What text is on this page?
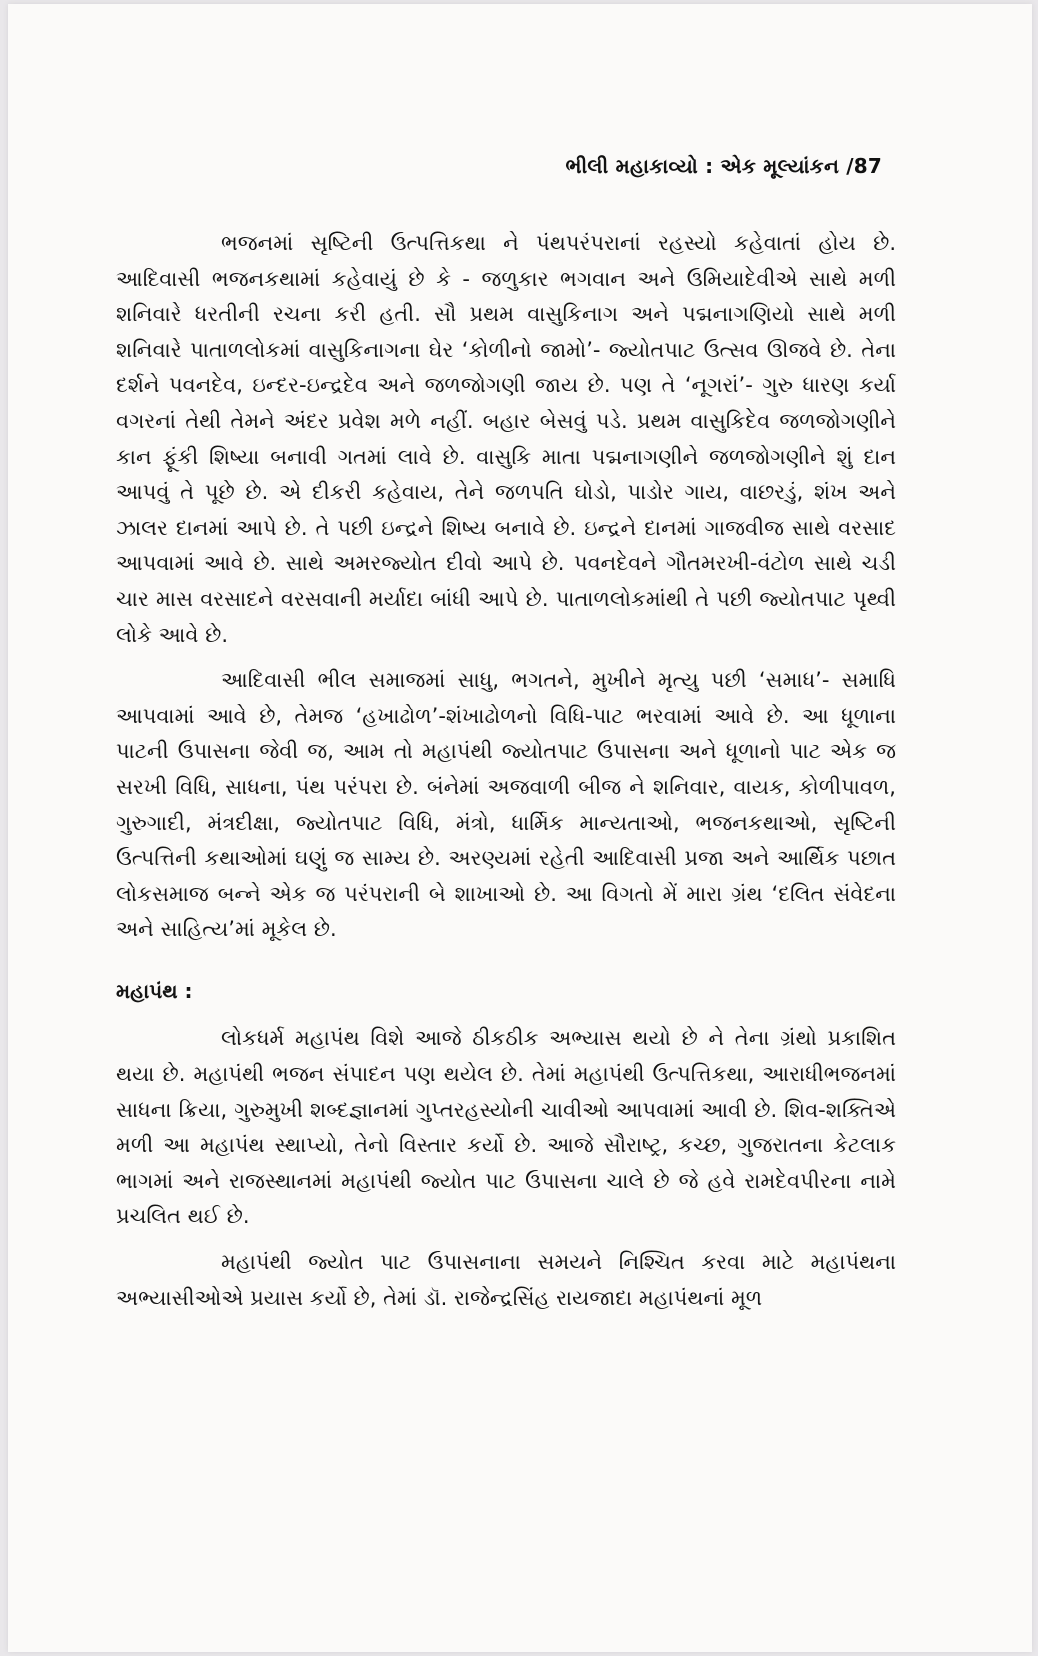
ભીલી મહાકાવ્યો : એક મૂલ્યાંકન /87

ભજનમાં સૃષ્ટિની ઉત્પત્તિકથા ને પંથપરંપરાનાં રહસ્યો કહેવાતાં હોય છે. આદિવાસી ભજનકથામાં કહેવાયું છે કે - જળુકાર ભગવાન અને ઉમિયાદેવીએ સાથે મળી શનિવારે ધરતીની રચના કરી હતી. સૌ પ્રથમ વાસુકિનાગ અને પદ્મનાગણિયો સાથે મળી શનિવારે પાતાળલોકમાં વાસુકિનાગના ઘેર ‘કોળીનો જામો’- જ્યોતપાટ ઉત્સવ ઊજવે છે. તેના દર્શને પવનદેવ, ઇન્દર-ઇન્દ્રદેવ અને જળજોગણી જાય છે. પણ તે ‘નૂગરાં’- ગુરુ ધારણ કર્યા વગરનાં તેથી તેમને અંદર પ્રવેશ મળે નહીં. બહાર બેસવું પડે. પ્રથમ વાસુકિદેવ જળજોગણીને કાન ફૂંકી શિષ્યા બનાવી ગતમાં લાવે છે. વાસુકિ માતા પદ્મનાગણીને જળજોગણીને શું દાન આપવું તે પૂછે છે. એ દીકરી કહેવાય, તેને જળપતિ ઘોડો, પાડોર ગાય, વાછરડું, શંખ અને ઝાલર દાનમાં આપે છે. તે પછી ઇન્દ્રને શિષ્ય બનાવે છે. ઇન્દ્રને દાનમાં ગાજવીજ સાથે વરસાદ આપવામાં આવે છે. સાથે અમરજ્યોત દીવો આપે છે. પવનદેવને ગૌતમરખી-વંટોળ સાથે ચડી ચાર માસ વરસાદને વરસવાની મર્યાદા બાંધી આપે છે. પાતાળલોકમાંથી તે પછી જ્યોતપાટ પૃથ્વી લોકે આવે છે.

આદિવાસી ભીલ સમાજમાં સાધુ, ભગતને, મુખીને મૃત્યુ પછી ‘સમાધ’- સમાધિ આપવામાં આવે છે, તેમજ ‘હખાઢોળ’-શંખાઢોળનો વિધિ-પાટ ભરવામાં આવે છે. આ ધૂળાના પાટની ઉપાસના જેવી જ, આમ તો મહાપંથી જ્યોતપાટ ઉપાસના અને ધૂળાનો પાટ એક જ સરખી વિધિ, સાધના, પંથ પરંપરા છે. બંનેમાં અજવાળી બીજ ને શનિવાર, વાયક, કોળીપાવળ, ગુરુગાદી, મંત્રદીક્ષા, જ્યોતપાટ વિધિ, મંત્રો, ધાર્મિક માન્યતાઓ, ભજનકથાઓ, સૃષ્ટિની ઉત્પત્તિની કથાઓમાં ઘણું જ સામ્ય છે. અરણ્યમાં રહેતી આદિવાસી પ્રજા અને આર્થિક પછાત લોકસમાજ બન્ને એક જ પરંપરાની બે શાખાઓ છે. આ વિગતો મેં મારા ગ્રંથ ‘દલિત સંવેદના અને સાહિત્ય’માં મૂકેલ છે.

મહાપંથ :

લોકધર્મ મહાપંથ વિશે આજે ઠીકઠીક અભ્યાસ થયો છે ને તેના ગ્રંથો પ્રકાશિત થયા છે. મહાપંથી ભજન સંપાદન પણ થયેલ છે. તેમાં મહાપંથી ઉત્પત્તિકથા, આરાધીભજનમાં સાધના ક્રિયા, ગુરુમુખી શબ્દજ્ઞાનમાં ગુપ્તરહસ્યોની ચાવીઓ આપવામાં આવી છે. શિવ-શક્તિએ મળી આ મહાપંથ સ્થાપ્યો, તેનો વિસ્તાર કર્યો છે. આજે સૌરાષ્ટ્ર, કચ્છ, ગુજરાતના કેટલાક ભાગમાં અને રાજસ્થાનમાં મહાપંથી જ્યોત પાટ ઉપાસના ચાલે છે જે હવે રામદેવપીરના નામે પ્રચલિત થઈ છે.

મહાપંથી જ્યોત પાટ ઉપાસનાના સમયને નિશ્ચિત કરવા માટે મહાપંથના અભ્યાસીઓએ પ્રયાસ કર્યો છે, તેમાં ડૉ. રાજેન્દ્રસિંહ રાયજાદા મહાપંથનાં મૂળ
